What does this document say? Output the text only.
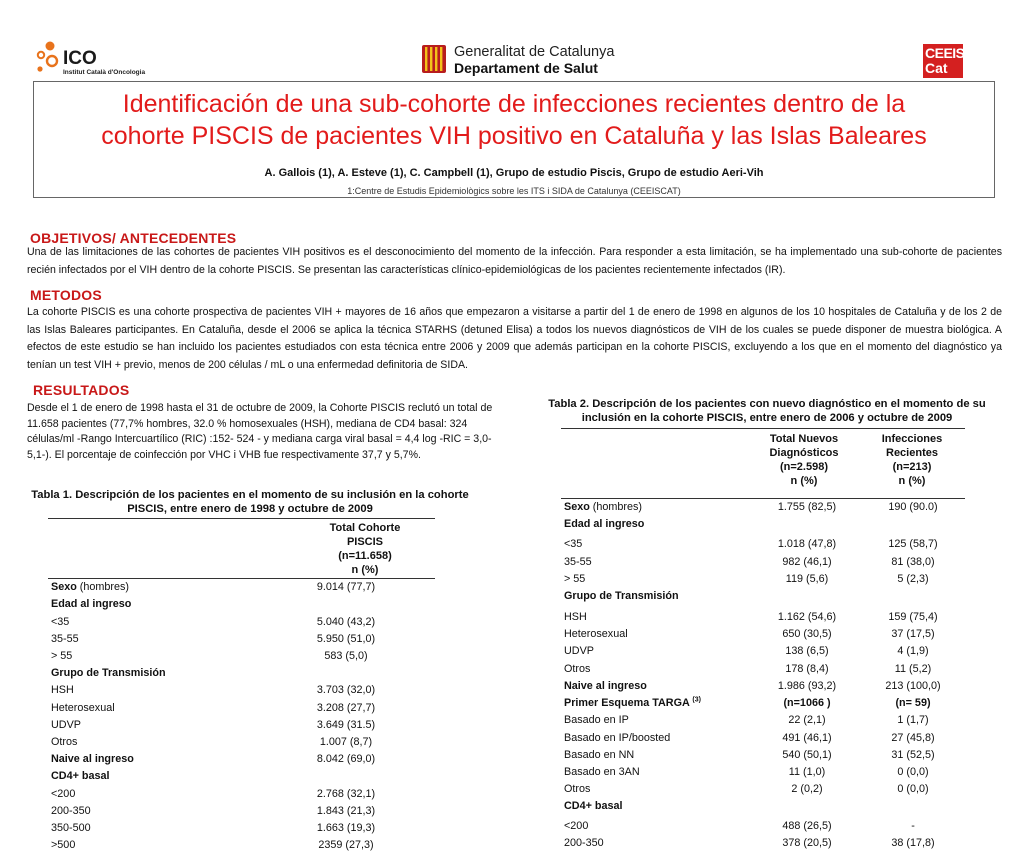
ICO
Institut Català d'Oncologia
Generalitat de Catalunya
Departament de Salut
CEEIS
Cat
Identificación de una sub-cohorte de infecciones recientes dentro de la
cohorte PISCIS de pacientes VIH positivo en Cataluña y las Islas Baleares
A. Gallois (1), A. Esteve (1), C. Campbell (1), Grupo de estudio Piscis, Grupo de estudio Aeri-Vih
1:Centre de Estudis Epidemiològics sobre les ITS i SIDA de Catalunya (CEEISCAT)
OBJETIVOS/ ANTECEDENTES
Una de las limitaciones de las cohortes de pacientes VIH positivos es el desconocimiento del momento de la infección. Para responder a esta limitación, se ha implementado una sub-cohorte de pacientes recién infectados por el VIH dentro de la cohorte PISCIS. Se presentan las características clínico-epidemiológicas de los pacientes recientemente infectados (IR).
METODOS
La cohorte PISCIS es una cohorte prospectiva de pacientes VIH + mayores de 16 años que empezaron a visitarse a partir del 1 de enero de 1998 en algunos de los 10 hospitales de Cataluña y de los 2 de las Islas Baleares participantes. En Cataluña, desde el 2006 se aplica la técnica STARHS (detuned Elisa) a todos los nuevos diagnósticos de VIH de los cuales se puede disponer de muestra biológica. A efectos de este estudio se han incluido los pacientes estudiados con esta técnica entre 2006 y 2009 que además participan en la cohorte PISCIS, excluyendo a los que en el momento del diagnóstico ya tenían un test VIH + previo, menos de 200 células / mL o una enfermedad definitoria de SIDA.
RESULTADOS
Desde el 1 de enero de 1998 hasta el 31 de octubre de 2009, la Cohorte PISCIS reclutó un total de 11.658 pacientes (77,7% hombres, 32.0 % homosexuales (HSH), mediana de CD4 basal: 324 células/ml -Rango Intercuartílico (RIC) :152- 524 - y mediana carga viral basal = 4,4 log -RIC = 3,0- 5,1-). El porcentaje de coinfección por VHC i VHB fue respectivamente 37,7 y 5,7%.
Tabla 1. Descripción de los pacientes en el momento de su inclusión en la cohorte
PISCIS, entre enero de 1998 y octubre de 2009
Total Cohorte
PISCIS
(n=11.658)
n (%)
Sexo (hombres)	9.014 (77,7)
Edad al ingreso
<35	5.040 (43,2)
35-55	5.950 (51,0)
> 55	583 (5,0)
Grupo de Transmisión
HSH	3.703 (32,0)
Heterosexual	3.208 (27,7)
UDVP	3.649 (31.5)
Otros	1.007 (8,7)
Naive al ingreso	8.042 (69,0)
CD4+ basal
<200	2.768 (32,1)
200-350	1.843 (21,3)
350-500	1.663 (19,3)
>500	2359 (27,3)
Tabla 2. Descripción de los pacientes con nuevo diagnóstico en el momento de su
inclusión en la cohorte PISCIS, entre enero de 2006 y octubre de 2009
Total Nuevos
Diagnósticos
(n=2.598)
n (%)
Infecciones
Recientes
(n=213)
n (%)
Sexo (hombres)	1.755 (82,5)	190 (90.0)
Edad al ingreso
<35	1.018 (47,8)	125 (58,7)
35-55	982 (46,1)	81 (38,0)
> 55	119 (5,6)	5 (2,3)
Grupo de Transmisión
HSH	1.162 (54,6)	159 (75,4)
Heterosexual	650 (30,5)	37 (17,5)
UDVP	138 (6,5)	4 (1,9)
Otros	178 (8,4)	11 (5,2)
Naive al ingreso	1.986 (93,2)	213 (100,0)
Primer Esquema TARGA $^{(3)}$	(n=1066 )	(n= 59)
Basado en IP	22 (2,1)	1 (1,7)
Basado en IP/boosted	491 (46,1)	27 (45,8)
Basado en NN	540 (50,1)	31 (52,5)
Basado en 3AN	11 (1,0)	0 (0,0)
Otros	2 (0,2)	0 (0,0)
CD4+ basal
<200	488 (26,5)	-
200-350	378 (20,5)	38 (17,8)
